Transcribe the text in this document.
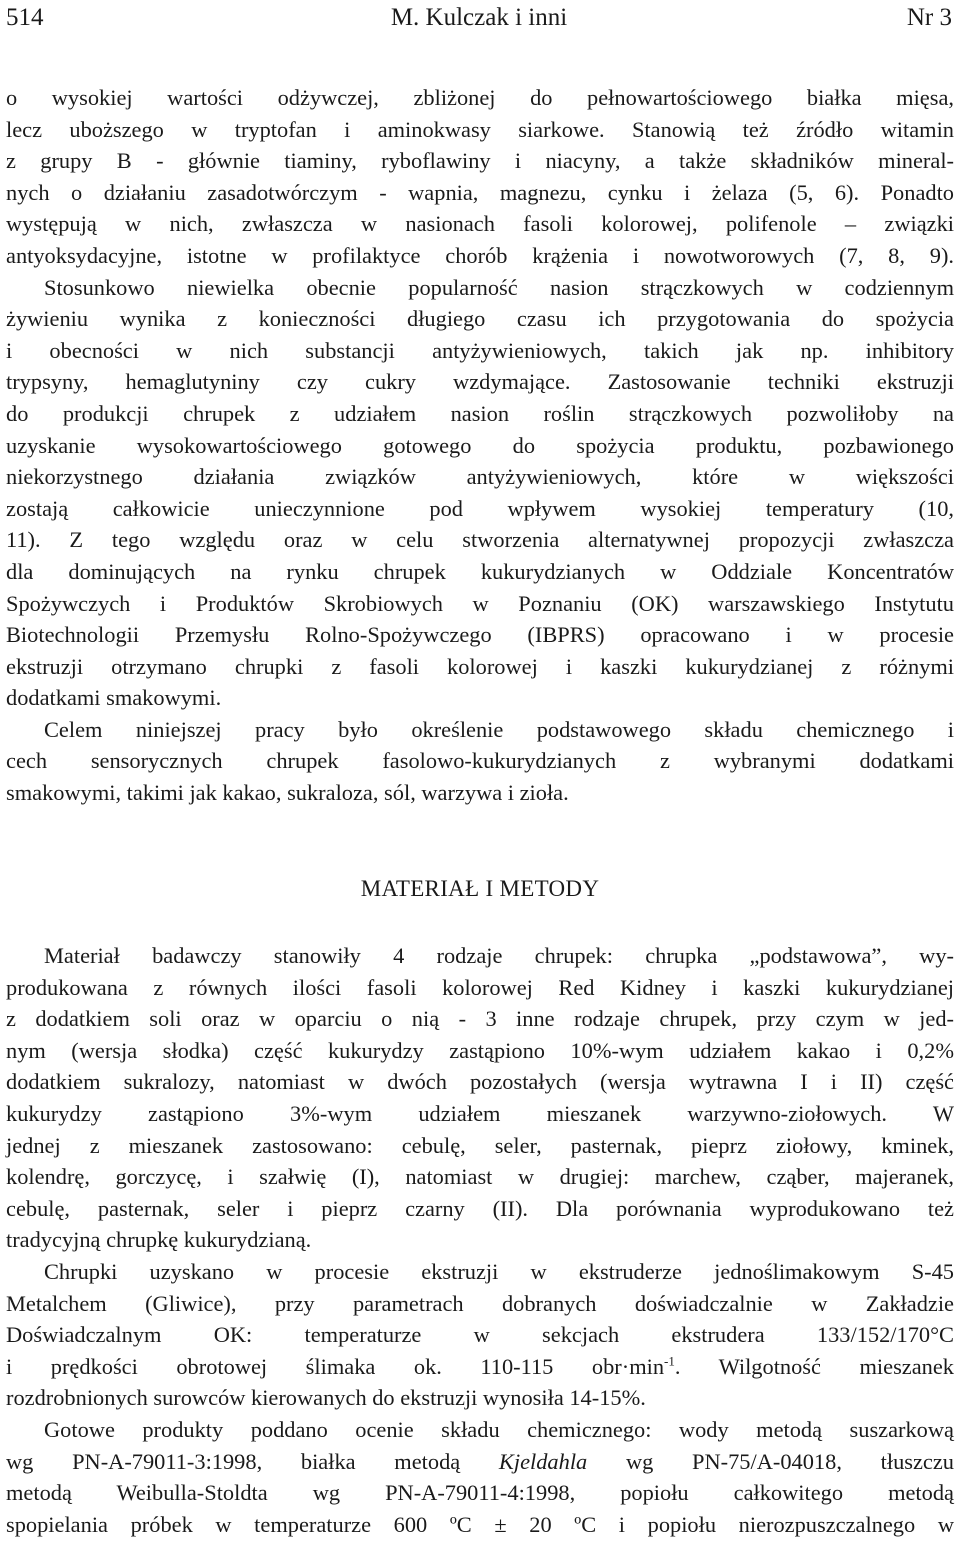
M. Kulczak i inni
514	Nr 3

o wysokiej wartości odżywczej, zbliżonej do pełnowartościowego białka mięsa,
lecz uboższego w tryptofan i aminokwasy siarkowe. Stanowią też źródło witamin
z grupy B - głównie tiaminy, ryboflawiny i niacyny, a także składników mineral-
nych o działaniu zasadotwórczym - wapnia, magnezu, cynku i żelaza (5, 6). Ponadto
występują w nich, zwłaszcza w nasionach fasoli kolorowej, polifenole – związki
antyoksydacyjne, istotne w profilaktyce chorób krążenia i nowotworowych (7, 8, 9).
Stosunkowo niewielka obecnie popularność nasion strączkowych w codziennym
żywieniu wynika z konieczności długiego czasu ich przygotowania do spożycia
i obecności w nich substancji antyżywieniowych, takich jak np. inhibitory
trypsyny, hemaglutyniny czy cukry wzdymające. Zastosowanie techniki ekstruzji
do produkcji chrupek z udziałem nasion roślin strączkowych pozwoliłoby na
uzyskanie wysokowartościowego gotowego do spożycia produktu, pozbawionego
niekorzystnego działania związków antyżywieniowych, które w większości
zostają całkowicie unieczynnione pod wpływem wysokiej temperatury (10,
11). Z tego względu oraz w celu stworzenia alternatywnej propozycji zwłaszcza
dla dominujących na rynku chrupek kukurydzianych w Oddziale Koncentratów
Spożywczych i Produktów Skrobiowych w Poznaniu (OK) warszawskiego Instytutu
Biotechnologii Przemysłu Rolno-Spożywczego (IBPRS) opracowano i w procesie
ekstruzji otrzymano chrupki z fasoli kolorowej i kaszki kukurydzianej z różnymi
dodatkami smakowymi.

Celem niniejszej pracy było określenie podstawowego składu chemicznego i
cech sensorycznych chrupek fasolowo-kukurydzianych z wybranymi dodatkami
smakowymi, takimi jak kakao, sukraloza, sól, warzywa i zioła.

MATERIAŁ I METODY

Materiał badawczy stanowiły 4 rodzaje chrupek: chrupka „podstawowa”, wy-
produkowana z równych ilości fasoli kolorowej Red Kidney i kaszki kukurydzianej
z dodatkiem soli oraz w oparciu o nią - 3 inne rodzaje chrupek, przy czym w jed-
nym (wersja słodka) część kukurydzy zastąpiono 10%-wym udziałem kakao i 0,2%
dodatkiem sukralozy, natomiast w dwóch pozostałych (wersja wytrawna I i II) część
kukurydzy zastąpiono 3%-wym udziałem mieszanek warzywno-ziołowych. W
jednej z mieszanek zastosowano: cebulę, seler, pasternak, pieprz ziołowy, kminek,
kolendrę, gorczycę, i szałwię (I), natomiast w drugiej: marchew, cząber, majeranek,
cebulę, pasternak, seler i pieprz czarny (II). Dla porównania wyprodukowano też
tradycyjną chrupkę kukurydzianą.

Chrupki uzyskano w procesie ekstruzji w ekstruderze jednoślimakowym S-45
Metalchem (Gliwice), przy parametrach dobranych doświadczalnie w Zakładzie
Doświadczalnym OK: temperaturze w sekcjach ekstrudera 133/152/170°C
i prędkości obrotowej ślimaka ok. 110-115 $obr\cdot\min^{-1}$. Wilgotność mieszanek
rozdrobnionych surowców kierowanych do ekstruzji wynosiła 14-15%.

Gotowe produkty poddano ocenie składu chemicznego: wody metodą suszarkową
wg PN-A-79011-3:1998, białka metodą Kjeldahla wg PN-75/A-04018, tłuszczu
metodą Weibulla-Stoldta wg PN-A-79011-4:1998, popiołu całkowitego metodą
spopielania próbek w temperaturze 600 ºC ± 20 ºC i popiołu nierozpuszczalnego w
